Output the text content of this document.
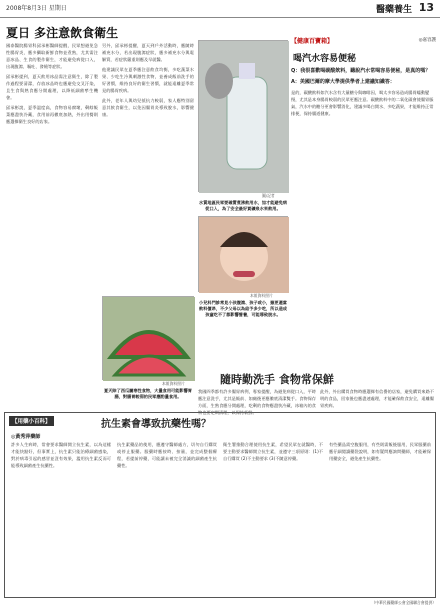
2008年8月3日 星期日	醫藥養生 13
夏日 多注意飲食衛生

國泰醫院腸胃科邱承彬醫師提醒，民眾想避免急性腸胃炎，應多攝取新鮮食物並煮熟，尤其需注意冰品、生食的製作衛生，才能避免病從口入，出現腹瀉、嘔吐、發燒等症狀。

邱承彬提到，夏天飲用冰品需注意衛生，除了製作過程要清潔，存放冰品時也應避免交叉汙染，且生食與熟食應分開處理，以降低細菌孳生機會。

邱承彬說，夏季溫度高，食物容易腐壞，剩餘飯菜應盡快冷藏，食用前再徹底加熱，外出用餐則應選擇衛生良好的店家。

另外，邱承彬提醒，夏天到戶外活動時，應隨時補充水分，若出現腹瀉症狀，應多補充水分與電解質，若症狀嚴重則應及早就醫。

他建議民眾在夏季應注意飲食均衡，多吃蔬菜水果、少吃生冷與刺激性食物，並養成飯前洗手的好習慣，維持良好的衛生習慣，就能遠離夏季常見的腸胃疾病。

此外，老年人與幼兒抵抗力較弱，家人應特別留意其飲食衛生，以免因腸胃炎導致脫水，影響健康。

圖/記者
水質地區民眾要確實煮沸飲用水，如才能避免病從口入，為了安全最好買礦泉水來飲用。
本報資料照片
小兒科門診常見小孩腹瀉、孩子或小，雖更適當飲料價昂，不少父母以為給予多少吃，所以造成孩童吃不了都影響營養，可能導致脫水。
本報資料照片
夏天除了西瓜屬寒性食物，大量食用可能影響胃腸，對腸胃較弱的民眾應酌量食用。
【健康百寶箱】	◎嘉容護
喝汽水容易便秘
Q：我很喜歡喝碳酸飲料，聽說汽水常喝容易便秘，是真的嗎？
A：美國巴爾的摩大學提供學者上建議知識答：
是的，碳酸飲料如汽水含有大量糖分與咖啡因，喝太多容易造成腸胃蠕動變慢，尤其是本身腸胃較弱的民眾更應注意。碳酸飲料中的二氧化碳會使腸胃脹氣，汽水中的糖分更會影響消化，建議多喝白開水、多吃蔬果，才能維持正常排便，保持腸道健康。
隨時勤洗手 食物常保鮮

我國四季都有許多腸胃病例，專家提醒，為避免病從口入，平時應注意洗手，尤其是飯前、如廁後更應徹底清潔雙手。食物保存方面，生熟食應分開處理，吃剩的食物應盡快冷藏，冰箱內的食物也要定期清理，以保持新鮮。

此外，外出購買食物時應選擇有信譽的店家，避免購買來路不明的食品，回家後也應盡速處理，才能確保飲食安全，遠離腸胃疾病。

【用藥小百科】	抗生素會導致抗藥性嗎？
◎黃秀萍藥師

許多人生病時，常會要求醫師開立抗生素，以為這樣才能快點好，但事實上，抗生素只能治療細菌感染，對於病毒引起的感冒並沒有效果，濫用抗生素反而可能導致細菌產生抗藥性。

抗生素藥品的使用，應遵守醫師處方，切勿自行購買或停止服藥。服藥時應按時、按量，並完成整個療程，若提前停藥，可能讓未被完全消滅的細菌產生抗藥性。

衛生署推動合理使用抗生素，希望民眾在就醫時，不要主動要求醫師開立抗生素，並遵守三項原則：(1)不自行購買 (2)不主動要求 (3)不隨意停藥。

有些藥品需空腹服用，有些則需飯後服用，民眾服藥前應仔細閱讀藥袋說明，如有疑問應詢問藥師，才能確保用藥安全，避免產生抗藥性。

（中華民國藥師公會全國聯合會提供）
